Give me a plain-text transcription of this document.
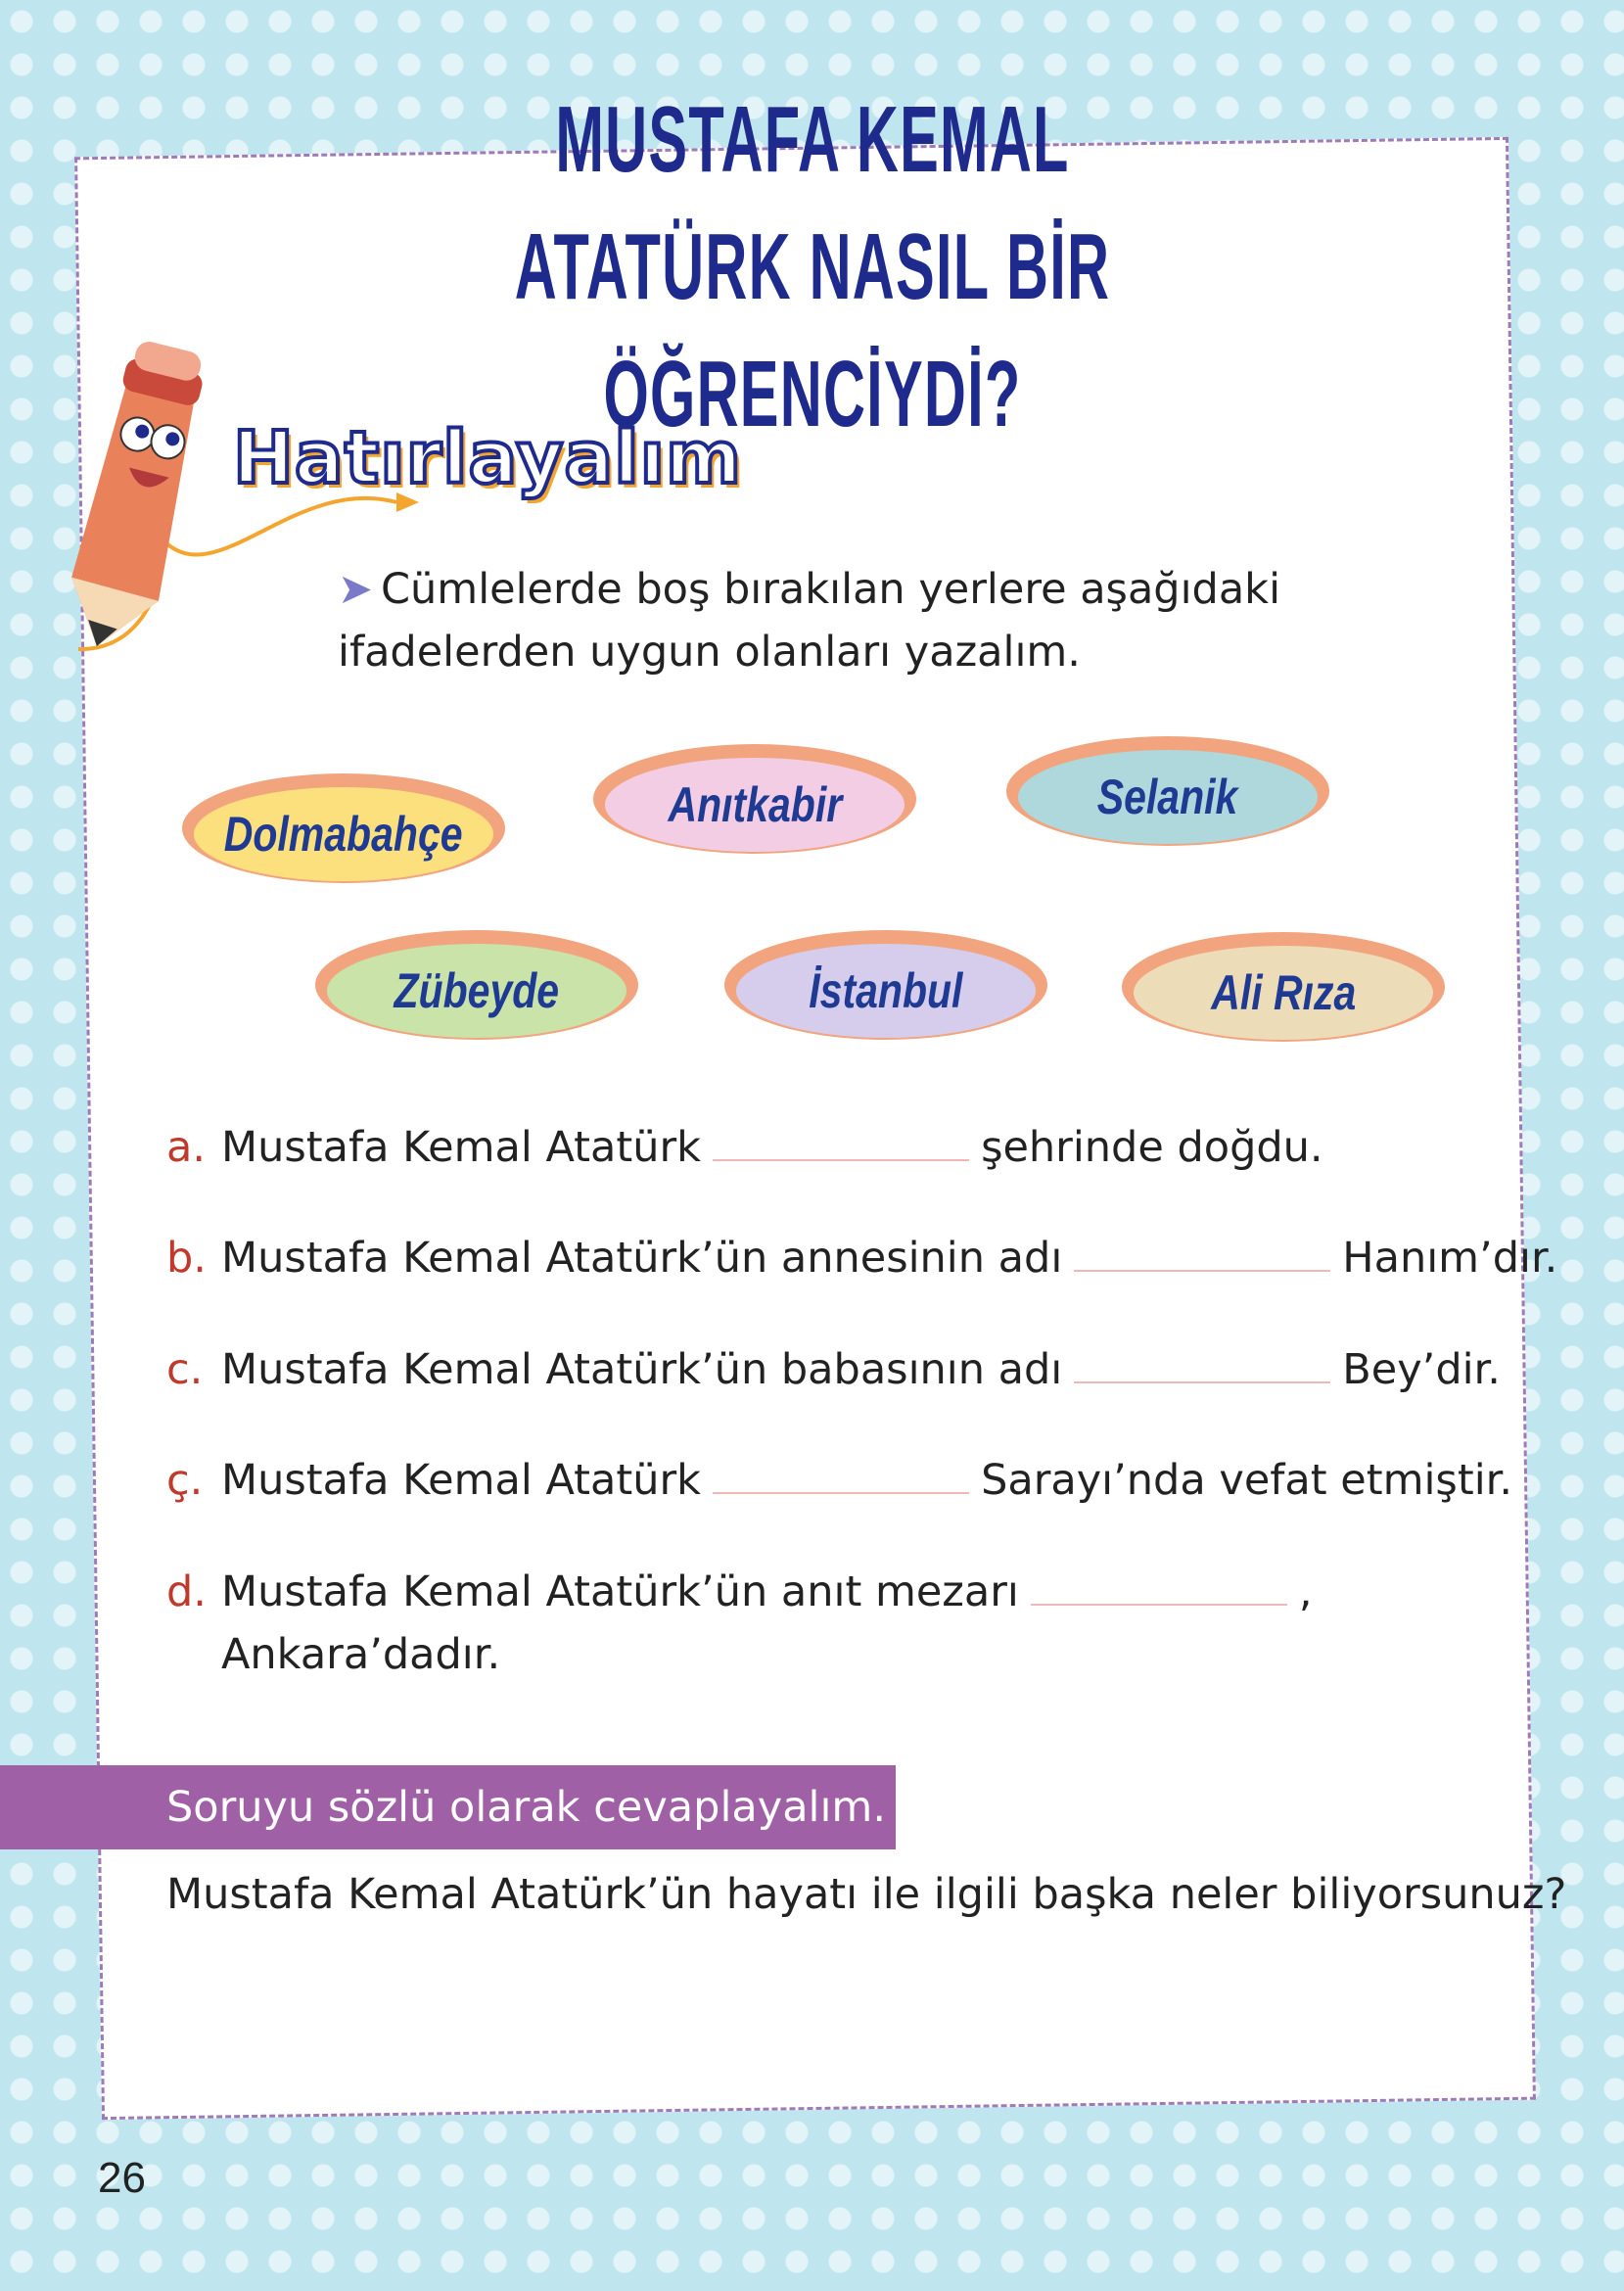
MUSTAFA KEMAL ATATÜRK NASIL BİR
ÖĞRENCİYDİ?
Hatırlayalım
➤ Cümlelerde boş bırakılan yerlere aşağıdaki
ifadelerden uygun olanları yazalım.
Dolmabahçe
Anıtkabir	Selanik
Zübeyde	İstanbul	Ali Rıza
a. Mustafa Kemal Atatürk	şehrinde doğdu.
b. Mustafa Kemal Atatürk’ün annesinin adı	Hanım’dır.
c. Mustafa Kemal Atatürk’ün babasının adı	Bey’dir.
ç. Mustafa Kemal Atatürk	Sarayı’nda vefat etmiştir.
d. Mustafa Kemal Atatürk’ün anıt mezarı	,
Ankara’dadır.
Soruyu sözlü olarak cevaplayalım.
Mustafa Kemal Atatürk’ün hayatı ile ilgili başka neler biliyorsunuz?
26
